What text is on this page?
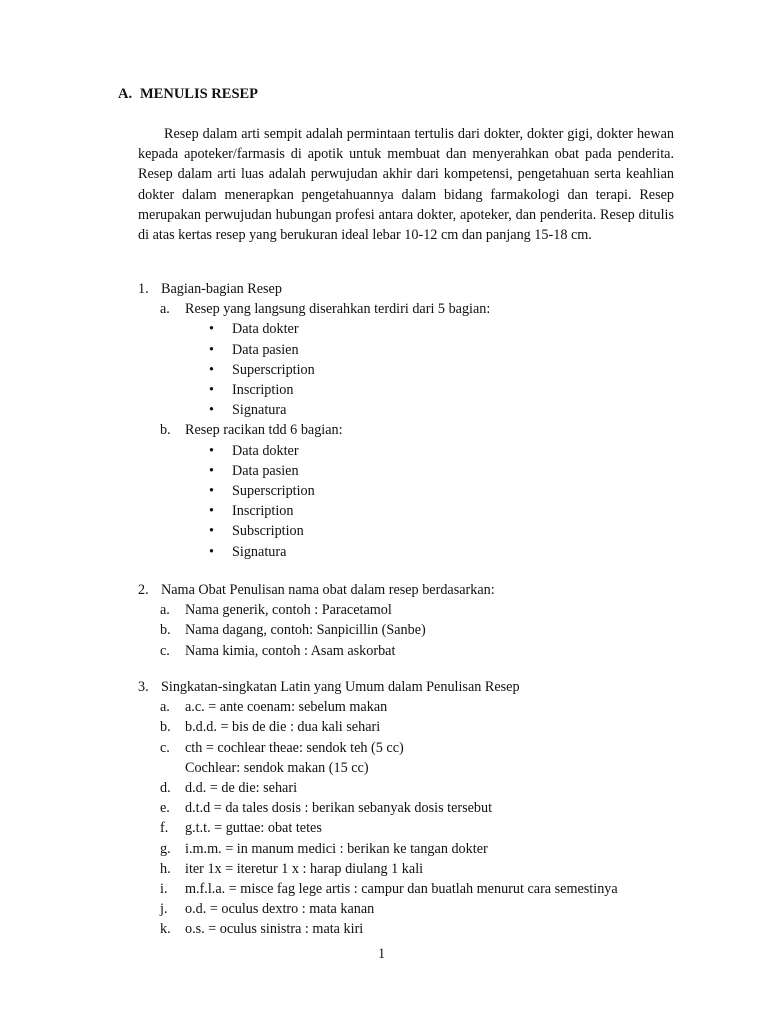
A. MENULIS RESEP
Resep dalam arti sempit adalah permintaan tertulis dari dokter, dokter gigi, dokter hewan kepada apoteker/farmasis di apotik untuk membuat dan menyerahkan obat pada penderita. Resep dalam arti luas adalah perwujudan akhir dari kompetensi, pengetahuan serta keahlian dokter dalam menerapkan pengetahuannya dalam bidang farmakologi dan terapi. Resep merupakan perwujudan hubungan profesi antara dokter, apoteker, dan penderita. Resep ditulis di atas kertas resep yang berukuran ideal lebar 10-12 cm dan panjang 15-18 cm.
1. Bagian-bagian Resep
a. Resep yang langsung diserahkan terdiri dari 5 bagian:
• Data dokter
• Data pasien
• Superscription
• Inscription
• Signatura
b. Resep racikan tdd 6 bagian:
• Data dokter
• Data pasien
• Superscription
• Inscription
• Subscription
• Signatura
2. Nama Obat Penulisan nama obat dalam resep berdasarkan:
a. Nama generik, contoh : Paracetamol
b. Nama dagang, contoh: Sanpicillin (Sanbe)
c. Nama kimia, contoh : Asam askorbat
3. Singkatan-singkatan Latin yang Umum dalam Penulisan Resep
a. a.c. = ante coenam: sebelum makan
b. b.d.d. = bis de die : dua kali sehari
c. cth = cochlear theae: sendok teh (5 cc)
Cochlear: sendok makan (15 cc)
d. d.d. = de die: sehari
e. d.t.d = da tales dosis : berikan sebanyak dosis tersebut
f. g.t.t. = guttae: obat tetes
g. i.m.m. = in manum medici : berikan ke tangan dokter
h. iter 1x = iteretur 1 x : harap diulang 1 kali
i. m.f.l.a. = misce fag lege artis : campur dan buatlah menurut cara semestinya
j. o.d. = oculus dextro : mata kanan
k. o.s. = oculus sinistra : mata kiri
1
